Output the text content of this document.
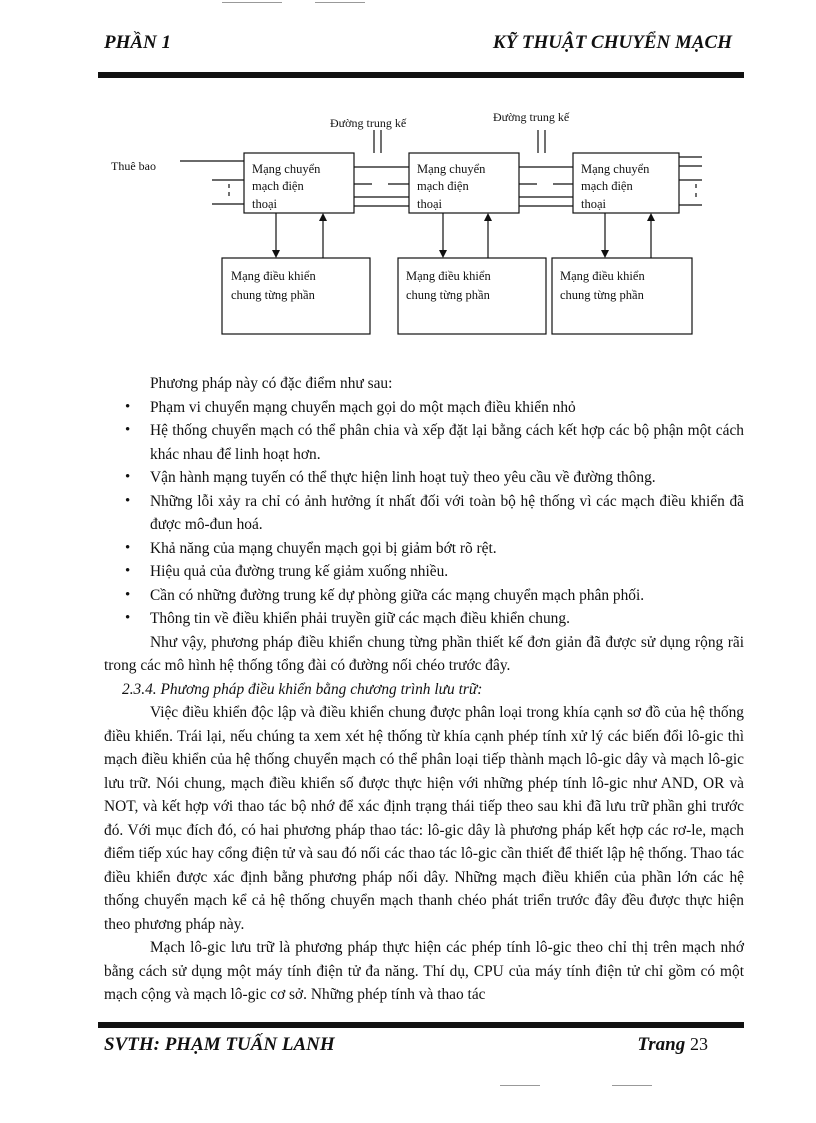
PHẦN 1	KỸ THUẬT CHUYỂN MẠCH
Đường trung kế	Đường trung kế
Thuê bao	Mạng chuyển
mạch điện
thoại
Mạng chuyển
mạch điện
thoại
Mạng chuyển
mạch điện
thoại
Mạng điều khiển
chung từng phần
Mạng điều khiển
chung từng phần
Mạng điều khiển
chung từng phần

Phương pháp này có đặc điểm như sau:

• Phạm vi chuyển mạng chuyển mạch gọi do một mạch điều khiển nhỏ
• Hệ thống chuyển mạch có thể phân chia và xếp đặt lại bằng cách kết hợp các bộ phận một cách khác nhau để linh hoạt hơn.
• Vận hành mạng tuyến có thể thực hiện linh hoạt tuỳ theo yêu cầu về đường thông.
• Những lỗi xảy ra chỉ có ảnh hưởng ít nhất đối với toàn bộ hệ thống vì các mạch điều khiển đã được mô-đun hoá.
• Khả năng của mạng chuyển mạch gọi bị giảm bớt rõ rệt.
• Hiệu quả của đường trung kế giảm xuống nhiều.
• Cần có những đường trung kế dự phòng giữa các mạng chuyển mạch phân phối.
• Thông tin về điều khiển phải truyền giữ các mạch điều khiển chung.

Như vậy, phương pháp điều khiển chung từng phần thiết kế đơn giản đã được sử dụng rộng rãi trong các mô hình hệ thống tổng đài có đường nối chéo trước đây.

2.3.4. Phương pháp điều khiển bằng chương trình lưu trữ:

Việc điều khiển độc lập và điều khiển chung được phân loại trong khía cạnh sơ đồ của hệ thống điều khiển. Trái lại, nếu chúng ta xem xét hệ thống từ khía cạnh phép tính xử lý các biến đổi lô-gic thì mạch điều khiển của hệ thống chuyển mạch có thể phân loại tiếp thành mạch lô-gic dây và mạch lô-gic lưu trữ. Nói chung, mạch điều khiển số được thực hiện với những phép tính lô-gic như AND, OR và NOT, và kết hợp với thao tác bộ nhớ để xác định trạng thái tiếp theo sau khi đã lưu trữ phần ghi trước đó. Với mục đích đó, có hai phương pháp thao tác: lô-gic dây là phương pháp kết hợp các rơ-le, mạch điểm tiếp xúc hay cổng điện tử và sau đó nối các thao tác lô-gic cần thiết để thiết lập hệ thống. Thao tác điều khiển được xác định bằng phương pháp nối dây. Những mạch điều khiển của phần lớn các hệ thống chuyển mạch kể cả hệ thống chuyển mạch thanh chéo phát triển trước đây đều được thực hiện theo phương pháp này.

Mạch lô-gic lưu trữ là phương pháp thực hiện các phép tính lô-gic theo chỉ thị trên mạch nhớ bằng cách sử dụng một máy tính điện tử đa năng. Thí dụ, CPU của máy tính điện tử chỉ gồm có một mạch cộng và mạch lô-gic cơ sở. Những phép tính và thao tác

SVTH: PHẠM TUẤN LANH	Trang 23
